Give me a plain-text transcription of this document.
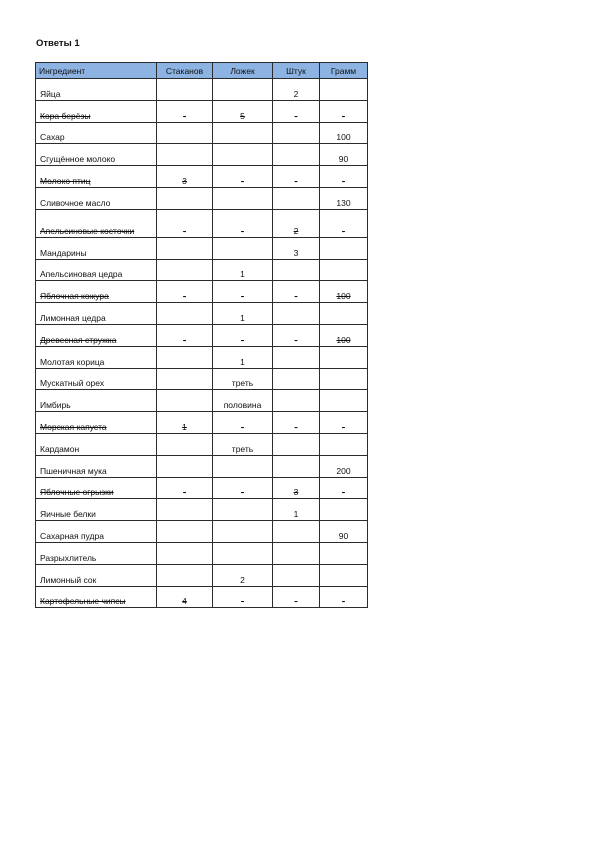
Ответы 1
Ингредиент	Стаканов	Ложек	Штук	Грамм
Яйца			2	
Кора берёзы	-	5	-	-
Сахар				100
Сгущённое молоко				90
Молоко птиц	3	-	-	-
Сливочное масло				130
Апельсиновые косточки	-	-	2	-
Мандарины			3	
Апельсиновая цедра		1		
Яблочная кожура	-	-	-	100
Лимонная цедра		1		
Древесная стружка	-	-	-	100
Молотая корица		1		
Мускатный орех		треть		
Имбирь		половина		
Морская капуста	1	-	-	-
Кардамон		треть		
Пшеничная мука				200
Яблочные огрызки	-	-	3	-
Яичные белки			1	
Сахарная пудра				90
Разрыхлитель				
Лимонный сок		2		
Картофельные чипсы	4	-	-	-
